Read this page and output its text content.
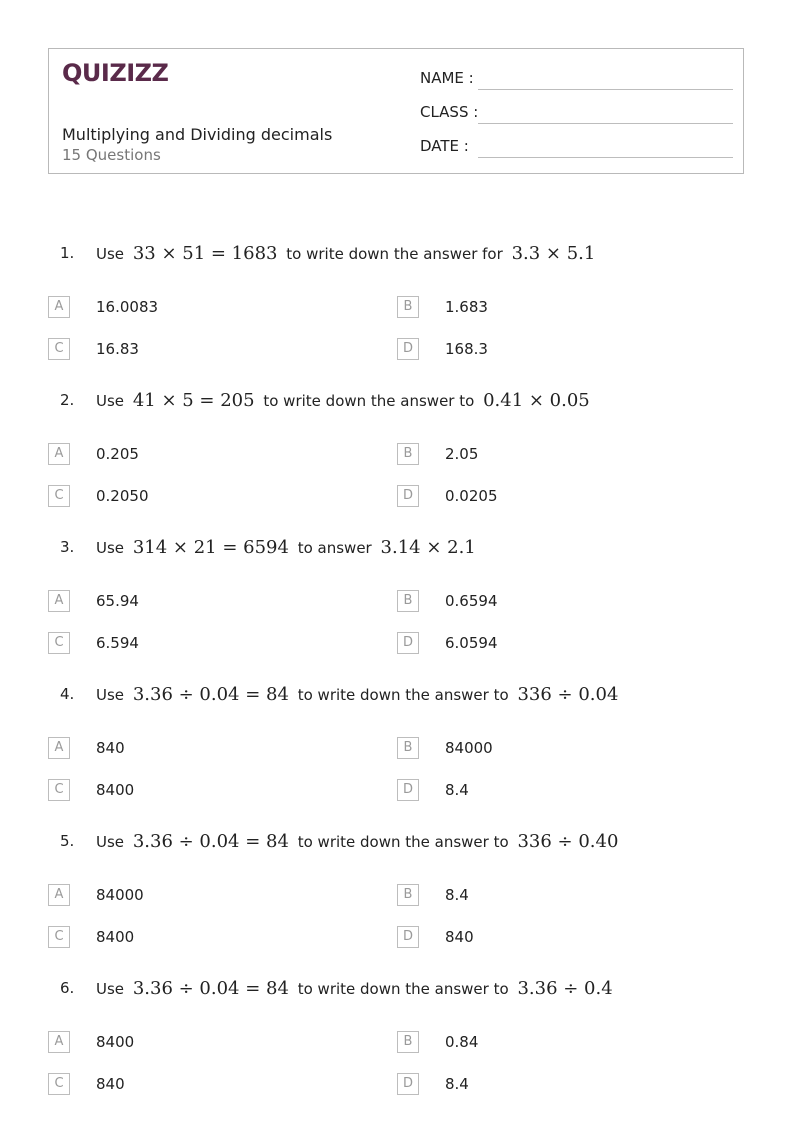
QUIZIZZ
Multiplying and Dividing decimals
15 Questions
NAME :
CLASS :
DATE :
1. Use 33 × 51 = 1683 to write down the answer for 3.3 × 5.1
A	16.0083	B	1.683
C	16.83	D	168.3
2. Use 41 × 5 = 205 to write down the answer to 0.41 × 0.05
A	0.205	B	2.05
C	0.2050	D	0.0205
3. Use 314 × 21 = 6594 to answer 3.14 × 2.1
A	65.94	B	0.6594
C	6.594	D	6.0594
4. Use 3.36 ÷ 0.04 = 84 to write down the answer to 336 ÷ 0.04
A	840	B	84000
C	8400	D	8.4
5. Use 3.36 ÷ 0.04 = 84 to write down the answer to 336 ÷ 0.40
A	84000	B	8.4
C	8400	D	840
6. Use 3.36 ÷ 0.04 = 84 to write down the answer to 3.36 ÷ 0.4
A	8400	B	0.84
C	840	D	8.4
